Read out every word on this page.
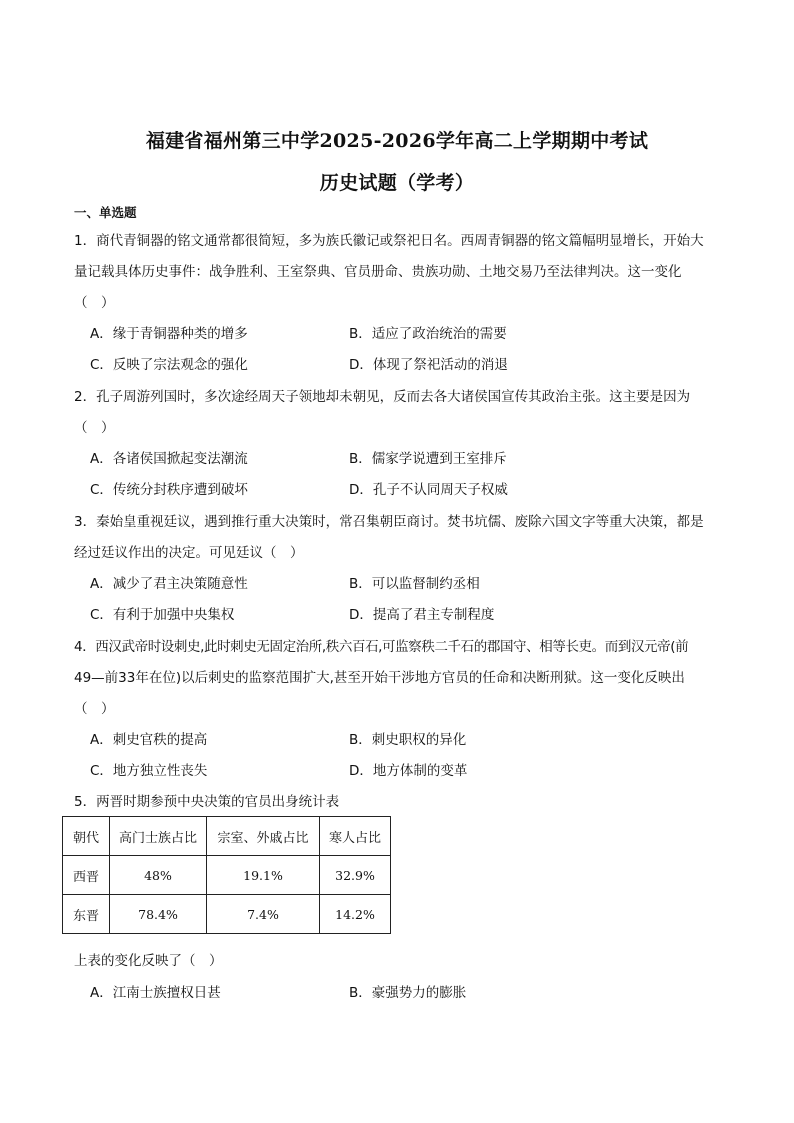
福建省福州第三中学2025-2026学年高二上学期期中考试
历史试题（学考）
一、单选题
1．商代青铜器的铭文通常都很简短，多为族氏徽记或祭祀日名。西周青铜器的铭文篇幅明显增长，开始大
量记载具体历史事件：战争胜利、王室祭典、官员册命、贵族功勋、土地交易乃至法律判决。这一变化
（　）
A．缘于青铜器种类的增多	B．适应了政治统治的需要
C．反映了宗法观念的强化	D．体现了祭祀活动的消退
2．孔子周游列国时，多次途经周天子领地却未朝见，反而去各大诸侯国宣传其政治主张。这主要是因为
（　）
A．各诸侯国掀起变法潮流	B．儒家学说遭到王室排斥
C．传统分封秩序遭到破坏	D．孔子不认同周天子权威
3．秦始皇重视廷议，遇到推行重大决策时，常召集朝臣商讨。焚书坑儒、废除六国文字等重大决策，都是
经过廷议作出的决定。可见廷议（　）
A．减少了君主决策随意性	B．可以监督制约丞相
C．有利于加强中央集权	D．提高了君主专制程度
4．西汉武帝时设刺史,此时刺史无固定治所,秩六百石,可监察秩二千石的郡国守、相等长吏。而到汉元帝(前
49—前33年在位)以后刺史的监察范围扩大,甚至开始干涉地方官员的任命和决断刑狱。这一变化反映出
（　）
A．刺史官秩的提高	B．刺史职权的异化
C．地方独立性丧失	D．地方体制的变革
5．两晋时期参预中央决策的官员出身统计表
朝代	高门士族占比	宗室、外戚占比	寒人占比
西晋	48%	19.1%	32.9%
东晋	78.4%	7.4%	14.2%
上表的变化反映了（　）
A．江南士族擅权日甚	B．豪强势力的膨胀
